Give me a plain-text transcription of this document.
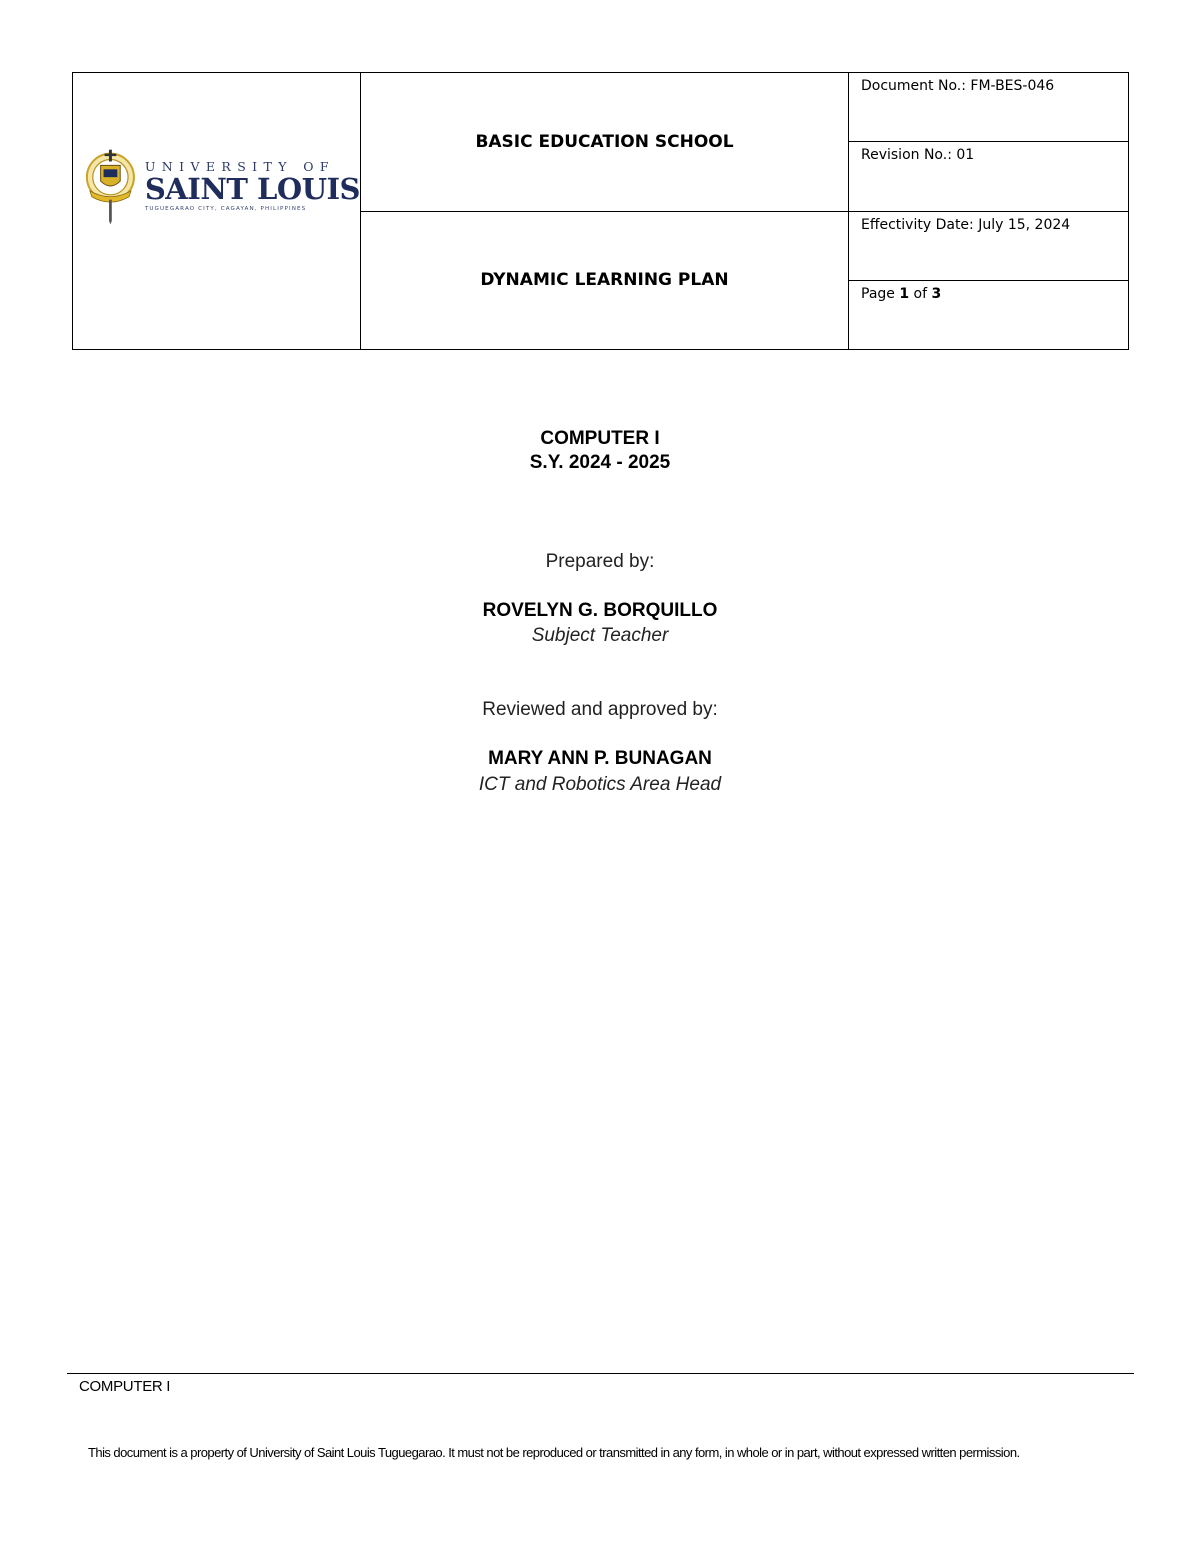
UNIVERSITY OF
SAINT LOUIS
TUGUEGARAO CITY, CAGAYAN, PHILIPPINES	BASIC EDUCATION SCHOOL	Document No.: FM-BES-046
		Revision No.: 01
	DYNAMIC LEARNING PLAN	Effectivity Date: July 15, 2024
		Page 1 of 3
COMPUTER I
S.Y. 2024 - 2025
Prepared by:
ROVELYN G. BORQUILLO
Subject Teacher
Reviewed and approved by:
MARY ANN P. BUNAGAN
ICT and Robotics Area Head
COMPUTER I
This document is a property of University of Saint Louis Tuguegarao. It must not be reproduced or transmitted in any form, in whole or in part, without expressed written permission.
